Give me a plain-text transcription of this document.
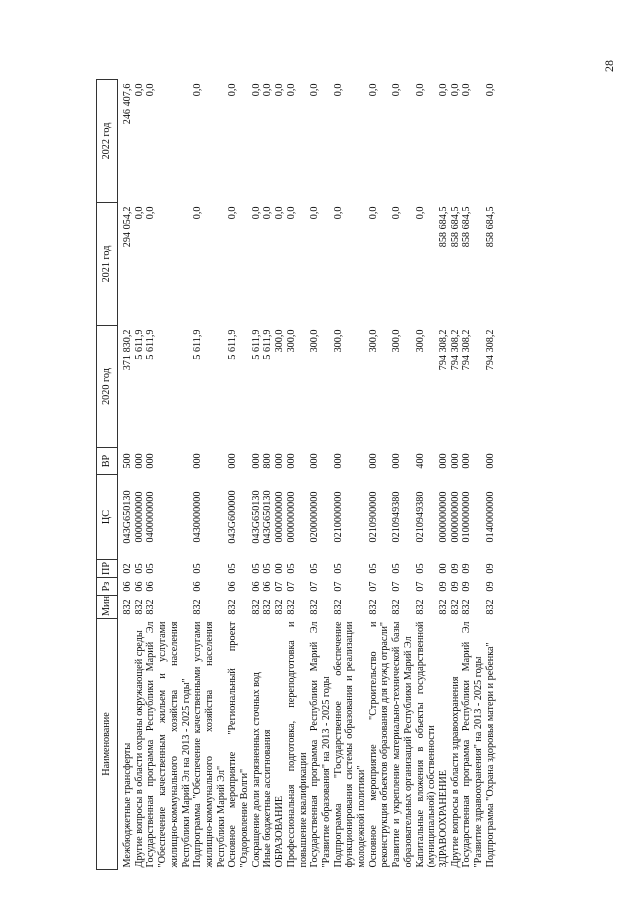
28
Наименование	Мин	Рз	ПР	ЦС	ВР	2020 год	2021 год	2022 год
Межбюджетные трансферты	832	06	02	043G650130	500	371 830,2	294 054,2	246 407,6
Другие вопросы в области охраны окружающей среды	832	06	05	0000000000	000	5 611,9	0,0	0,0
Государственная программа Республики Марий Эл "Обеспечение качественным жильем и услугами жилищно-коммунального хозяйства населения Республики Марий Эл на 2013 - 2025 годы"	832	06	05	0400000000	000	5 611,9	0,0	0,0
Подпрограмма "Обеспечение качественными услугами жилищно-коммунального хозяйства населения Республики Марий Эл"	832	06	05	0430000000	000	5 611,9	0,0	0,0
Основное мероприятие "Региональный проект "Оздоровление Волги"	832	06	05	043G600000	000	5 611,9	0,0	0,0
Сокращение доли загрязненных сточных вод	832	06	05	043G650130	000	5 611,9	0,0	0,0
Иные бюджетные ассигнования	832	06	05	043G650130	800	5 611,9	0,0	0,0
ОБРАЗОВАНИЕ	832	07	00	0000000000	000	300,0	0,0	0,0
Профессиональная подготовка, переподготовка и повышение квалификации	832	07	05	0000000000	000	300,0	0,0	0,0
Государственная программа Республики Марий Эл "Развитие образования" на 2013 - 2025 годы	832	07	05	0200000000	000	300,0	0,0	0,0
Подпрограмма "Государственное обеспечение функционирования системы образования и реализации молодежной политики"	832	07	05	0210000000	000	300,0	0,0	0,0
Основное мероприятие "Строительство и реконструкция объектов образования для нужд отрасли"	832	07	05	0210900000	000	300,0	0,0	0,0
Развитие и укрепление материально-технической базы образовательных организаций Республики Марий Эл	832	07	05	0210949380	000	300,0	0,0	0,0
Капитальные вложения в объекты государственной (муниципальной) собственности	832	07	05	0210949380	400	300,0	0,0	0,0
ЗДРАВООХРАНЕНИЕ	832	09	00	0000000000	000	794 308,2	858 684,5	0,0
Другие вопросы в области здравоохранения	832	09	09	0000000000	000	794 308,2	858 684,5	0,0
Государственная программа Республики Марий Эл "Развитие здравоохранения" на 2013 - 2025 годы	832	09	09	0100000000	000	794 308,2	858 684,5	0,0
Подпрограмма "Охрана здоровья матери и ребенка"	832	09	09	0140000000	000	794 308,2	858 684,5	0,0
